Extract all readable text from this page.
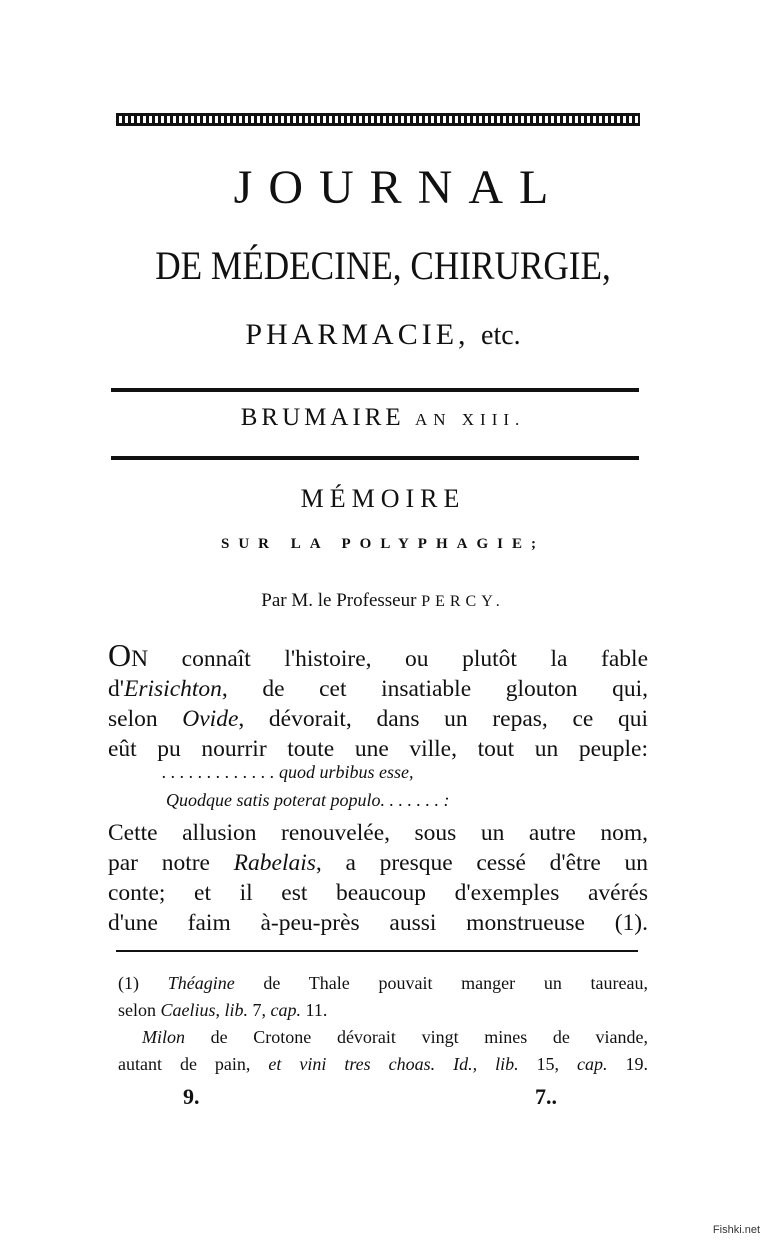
JOURNAL
DE MÉDECINE, CHIRURGIE,
PHARMACIE, etc.
BRUMAIRE AN XIII.
MÉMOIRE
SUR LA POLYPHAGIE;
Par M. le Professeur PERCY.
ON connaît l'histoire, ou plutôt la fable
d'Erisichton, de cet insatiable glouton qui,
selon Ovide, dévorait, dans un repas, ce qui
eût pu nourrir toute une ville, tout un peuple:
. . . . . . . . . . . . . quod urbibus esse,
Quodque satis poterat populo. . . . . . . :
Cette allusion renouvelée, sous un autre nom,
par notre Rabelais, a presque cessé d'être un
conte; et il est beaucoup d'exemples avérés
d'une faim à-peu-près aussi monstrueuse (1).
(1) Théagine de Thale pouvait manger un taureau,
selon Caelius, lib. 7, cap. 11.
Milon de Crotone dévorait vingt mines de viande,
autant de pain, et vini tres choas. Id., lib. 15, cap. 19.
9.	7..
Fishki.net
